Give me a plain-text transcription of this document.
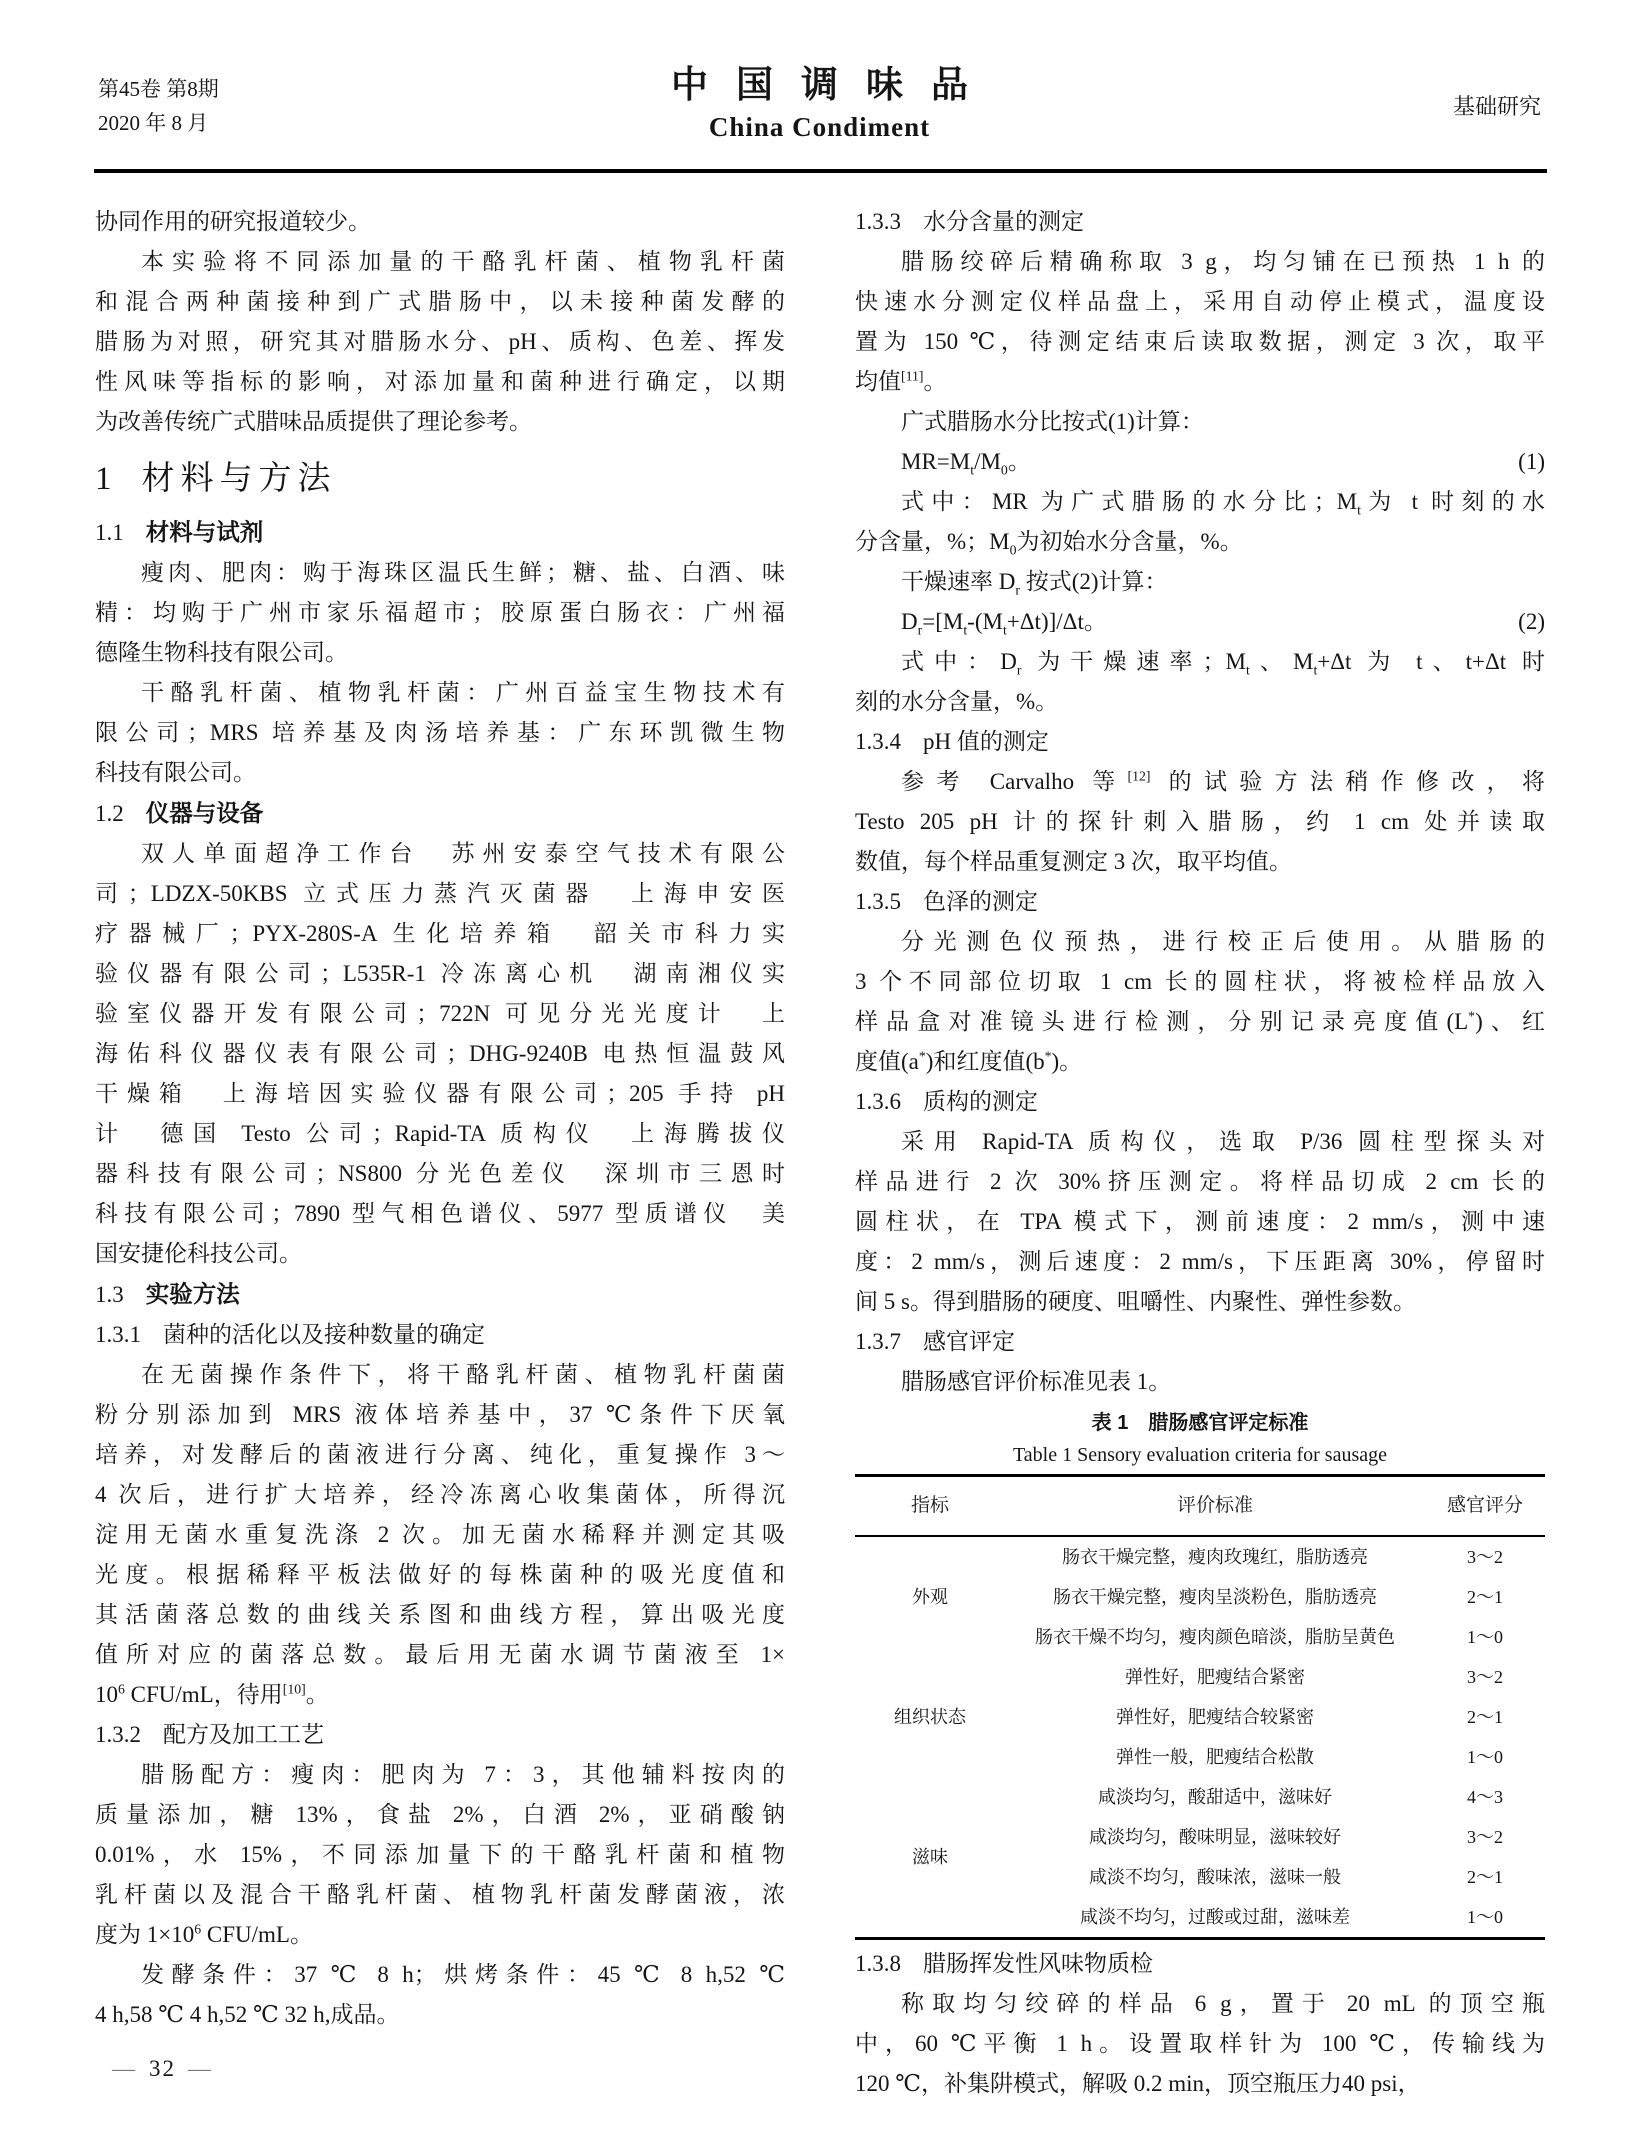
第45卷 第8期
2020 年 8 月
中国调味品
China Condiment
基础研究
协同作用的研究报道较少。
本实验将不同添加量的干酪乳杆菌、植物乳杆菌
和混合两种菌接种到广式腊肠中，以未接种菌发酵的
腊肠为对照，研究其对腊肠水分、pH、质构、色差、挥发
性风味等指标的影响，对添加量和菌种进行确定，以期
为改善传统广式腊味品质提供了理论参考。
1 材料与方法
1.1 材料与试剂
瘦肉、肥肉：购于海珠区温氏生鲜；糖、盐、白酒、味
精：均购于广州市家乐福超市；胶原蛋白肠衣：广州福
德隆生物科技有限公司。
干酪乳杆菌、植物乳杆菌：广州百益宝生物技术有
限公司；MRS 培养基及肉汤培养基：广东环凯微生物
科技有限公司。
1.2 仪器与设备
双人单面超净工作台　苏州安泰空气技术有限公
司；LDZX-50KBS 立式压力蒸汽灭菌器　上海申安医
疗器械厂；PYX-280S-A 生化培养箱　韶关市科力实
验仪器有限公司；L535R-1 冷冻离心机　湖南湘仪实
验室仪器开发有限公司；722N 可见分光光度计　上
海佑科仪器仪表有限公司；DHG-9240B 电热恒温鼓风
干燥箱　上海培因实验仪器有限公司；205 手持 pH
计　德国 Testo 公司；Rapid-TA 质构仪　上海腾拔仪
器科技有限公司；NS800 分光色差仪　深圳市三恩时
科技有限公司；7890 型气相色谱仪、5977 型质谱仪　美
国安捷伦科技公司。
1.3 实验方法
1.3.1 菌种的活化以及接种数量的确定
在无菌操作条件下，将干酪乳杆菌、植物乳杆菌菌
粉分别添加到 MRS 液体培养基中，37 ℃条件下厌氧
培养，对发酵后的菌液进行分离、纯化，重复操作 3～
4 次后，进行扩大培养，经冷冻离心收集菌体，所得沉
淀用无菌水重复洗涤 2 次。加无菌水稀释并测定其吸
光度。根据稀释平板法做好的每株菌种的吸光度值和
其活菌落总数的曲线关系图和曲线方程，算出吸光度
值所对应的菌落总数。最后用无菌水调节菌液至 1×
$10^6$ CFU/mL，待用[10]。
1.3.2 配方及加工工艺
腊肠配方：瘦肉：肥肉为 7：3，其他辅料按肉的
质量添加，糖 13%，食盐 2%，白酒 2%，亚硝酸钠
0.01%，水 15%，不同添加量下的干酪乳杆菌和植物
乳杆菌以及混合干酪乳杆菌、植物乳杆菌发酵菌液，浓
度为 $1\times 10^6$ CFU/mL。
发酵条件：37 ℃ 8 h；烘烤条件：45 ℃ 8 h,52 ℃
4 h,58 ℃ 4 h,52 ℃ 32 h,成品。
1.3.3 水分含量的测定
腊肠绞碎后精确称取 3 g，均匀铺在已预热 1 h 的
快速水分测定仪样品盘上，采用自动停止模式，温度设
置为 150 ℃，待测定结束后读取数据，测定 3 次，取平
均值[11]。
广式腊肠水分比按式(1)计算：
$MR=M_t/M_0$。	(1)
式中：MR 为广式腊肠的水分比；$M_t$为 t 时刻的水
分含量，%；$M_0$为初始水分含量，%。
干燥速率 $D_r$ 按式(2)计算：
$D_r=[M_t-(M_t+\Delta t)]/\Delta t$。	(2)
式中：$D_r$ 为干燥速率；$M_t$、$M_t+\Delta t$ 为 t、t+Δt 时
刻的水分含量，%。
1.3.4 pH 值的测定
参考 Carvalho 等[12] 的试验方法稍作修改，将
Testo 205 pH 计的探针刺入腊肠，约 1 cm 处并读取
数值，每个样品重复测定 3 次，取平均值。
1.3.5 色泽的测定
分光测色仪预热，进行校正后使用。从腊肠的
3 个不同部位切取 1 cm 长的圆柱状，将被检样品放入
样品盒对准镜头进行检测，分别记录亮度值(L*)、红
度值(a*)和红度值(b*)。
1.3.6 质构的测定
采用 Rapid-TA 质构仪，选取 P/36 圆柱型探头对
样品进行 2 次 30%挤压测定。将样品切成 2 cm 长的
圆柱状，在 TPA 模式下，测前速度：2 mm/s，测中速
度：2 mm/s，测后速度：2 mm/s，下压距离 30%，停留时
间 5 s。得到腊肠的硬度、咀嚼性、内聚性、弹性参数。
1.3.7 感官评定
腊肠感官评价标准见表 1。
表 1　腊肠感官评定标准
Table 1 Sensory evaluation criteria for sausage
指标	评价标准	感官评分
外观	肠衣干燥完整，瘦肉玫瑰红，脂肪透亮	3～2
	肠衣干燥完整，瘦肉呈淡粉色，脂肪透亮	2～1
	肠衣干燥不均匀，瘦肉颜色暗淡，脂肪呈黄色	1～0
组织状态	弹性好，肥瘦结合紧密	3～2
	弹性好，肥瘦结合较紧密	2～1
	弹性一般，肥瘦结合松散	1～0
滋味	咸淡均匀，酸甜适中，滋味好	4～3
	咸淡均匀，酸味明显，滋味较好	3～2
	咸淡不均匀，酸味浓，滋味一般	2～1
	咸淡不均匀，过酸或过甜，滋味差	1～0
1.3.8 腊肠挥发性风味物质检
称取均匀绞碎的样品 6 g，置于 20 mL 的顶空瓶
中，60 ℃平衡 1 h。设置取样针为 100 ℃，传输线为
120 ℃，补集阱模式，解吸 0.2 min，顶空瓶压力40 psi，
— 32 —
